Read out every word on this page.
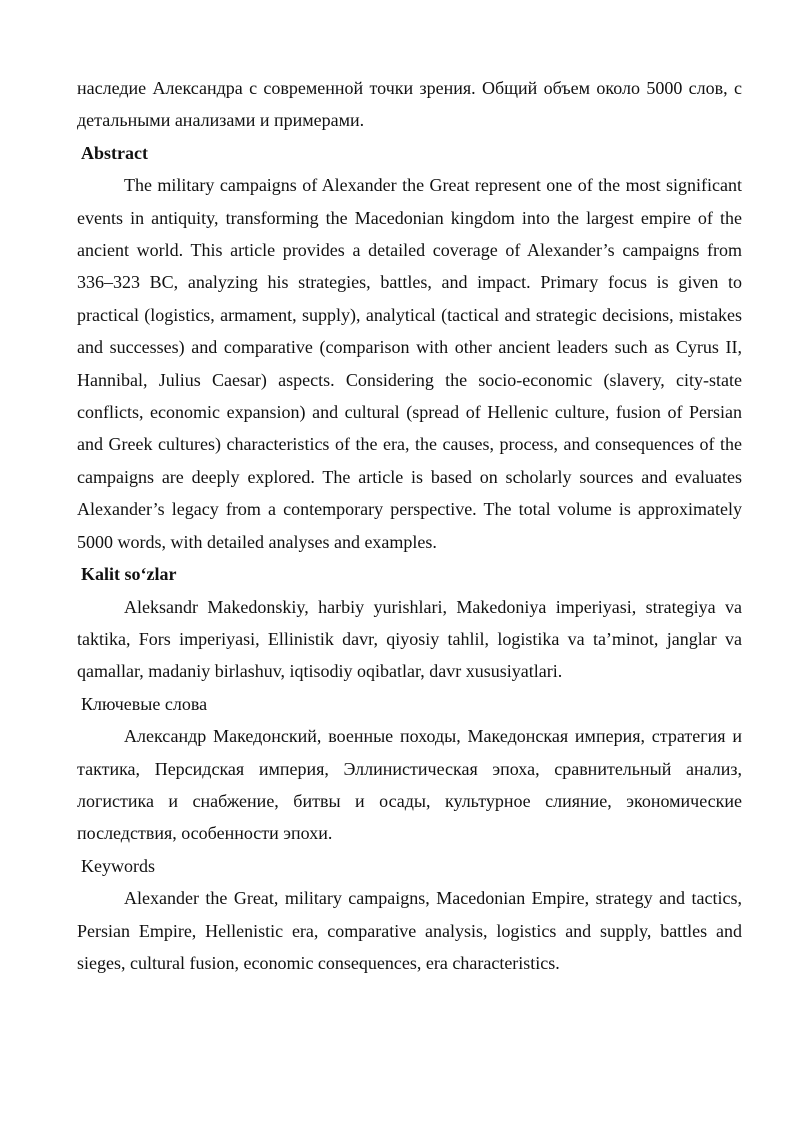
наследие Александра с современной точки зрения. Общий объем около 5000 слов, с детальными анализами и примерами.

Abstract

The military campaigns of Alexander the Great represent one of the most significant events in antiquity, transforming the Macedonian kingdom into the largest empire of the ancient world. This article provides a detailed coverage of Alexander’s campaigns from 336–323 BC, analyzing his strategies, battles, and impact. Primary focus is given to practical (logistics, armament, supply), analytical (tactical and strategic decisions, mistakes and successes) and comparative (comparison with other ancient leaders such as Cyrus II, Hannibal, Julius Caesar) aspects. Considering the socio-economic (slavery, city-state conflicts, economic expansion) and cultural (spread of Hellenic culture, fusion of Persian and Greek cultures) characteristics of the era, the causes, process, and consequences of the campaigns are deeply explored. The article is based on scholarly sources and evaluates Alexander’s legacy from a contemporary perspective. The total volume is approximately 5000 words, with detailed analyses and examples.

Kalit so‘zlar

Aleksandr Makedonskiy, harbiy yurishlari, Makedoniya imperiyasi, strategiya va taktika, Fors imperiyasi, Ellinistik davr, qiyosiy tahlil, logistika va ta’minot, janglar va qamallar, madaniy birlashuv, iqtisodiy oqibatlar, davr xususiyatlari.

Ключевые слова

Александр Македонский, военные походы, Македонская империя, стратегия и тактика, Персидская империя, Эллинистическая эпоха, сравнительный анализ, логистика и снабжение, битвы и осады, культурное слияние, экономические последствия, особенности эпохи.

Keywords

Alexander the Great, military campaigns, Macedonian Empire, strategy and tactics, Persian Empire, Hellenistic era, comparative analysis, logistics and supply, battles and sieges, cultural fusion, economic consequences, era characteristics.
